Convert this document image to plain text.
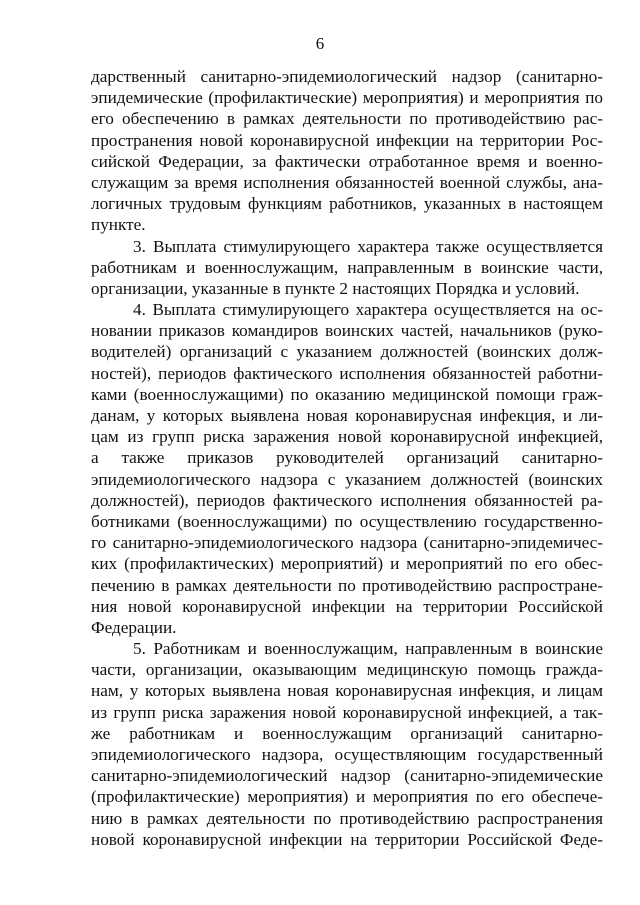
6
дарственный санитарно-эпидемиологический надзор (санитарно-
эпидемические (профилактические) мероприятия) и мероприятия по
его обеспечению в рамках деятельности по противодействию рас-
пространения новой коронавирусной инфекции на территории Рос-
сийской Федерации, за фактически отработанное время и военно-
служащим за время исполнения обязанностей военной службы, ана-
логичных трудовым функциям работников, указанных в настоящем
пункте.
3. Выплата стимулирующего характера также осуществляется
работникам и военнослужащим, направленным в воинские части,
организации, указанные в пункте 2 настоящих Порядка и условий.
4. Выплата стимулирующего характера осуществляется на ос-
новании приказов командиров воинских частей, начальников (руко-
водителей) организаций с указанием должностей (воинских долж-
ностей), периодов фактического исполнения обязанностей работни-
ками (военнослужащими) по оказанию медицинской помощи граж-
данам, у которых выявлена новая коронавирусная инфекция, и ли-
цам из групп риска заражения новой коронавирусной инфекцией,
а также приказов руководителей организаций санитарно-
эпидемиологического надзора с указанием должностей (воинских
должностей), периодов фактического исполнения обязанностей ра-
ботниками (военнослужащими) по осуществлению государственно-
го санитарно-эпидемиологического надзора (санитарно-эпидемичес-
ких (профилактических) мероприятий) и мероприятий по его обес-
печению в рамках деятельности по противодействию распростране-
ния новой коронавирусной инфекции на территории Российской
Федерации.
5. Работникам и военнослужащим, направленным в воинские
части, организации, оказывающим медицинскую помощь гражда-
нам, у которых выявлена новая коронавирусная инфекция, и лицам
из групп риска заражения новой коронавирусной инфекцией, а так-
же работникам и военнослужащим организаций санитарно-
эпидемиологического надзора, осуществляющим государственный
санитарно-эпидемиологический надзор (санитарно-эпидемические
(профилактические) мероприятия) и мероприятия по его обеспече-
нию в рамках деятельности по противодействию распространения
новой коронавирусной инфекции на территории Российской Феде-
